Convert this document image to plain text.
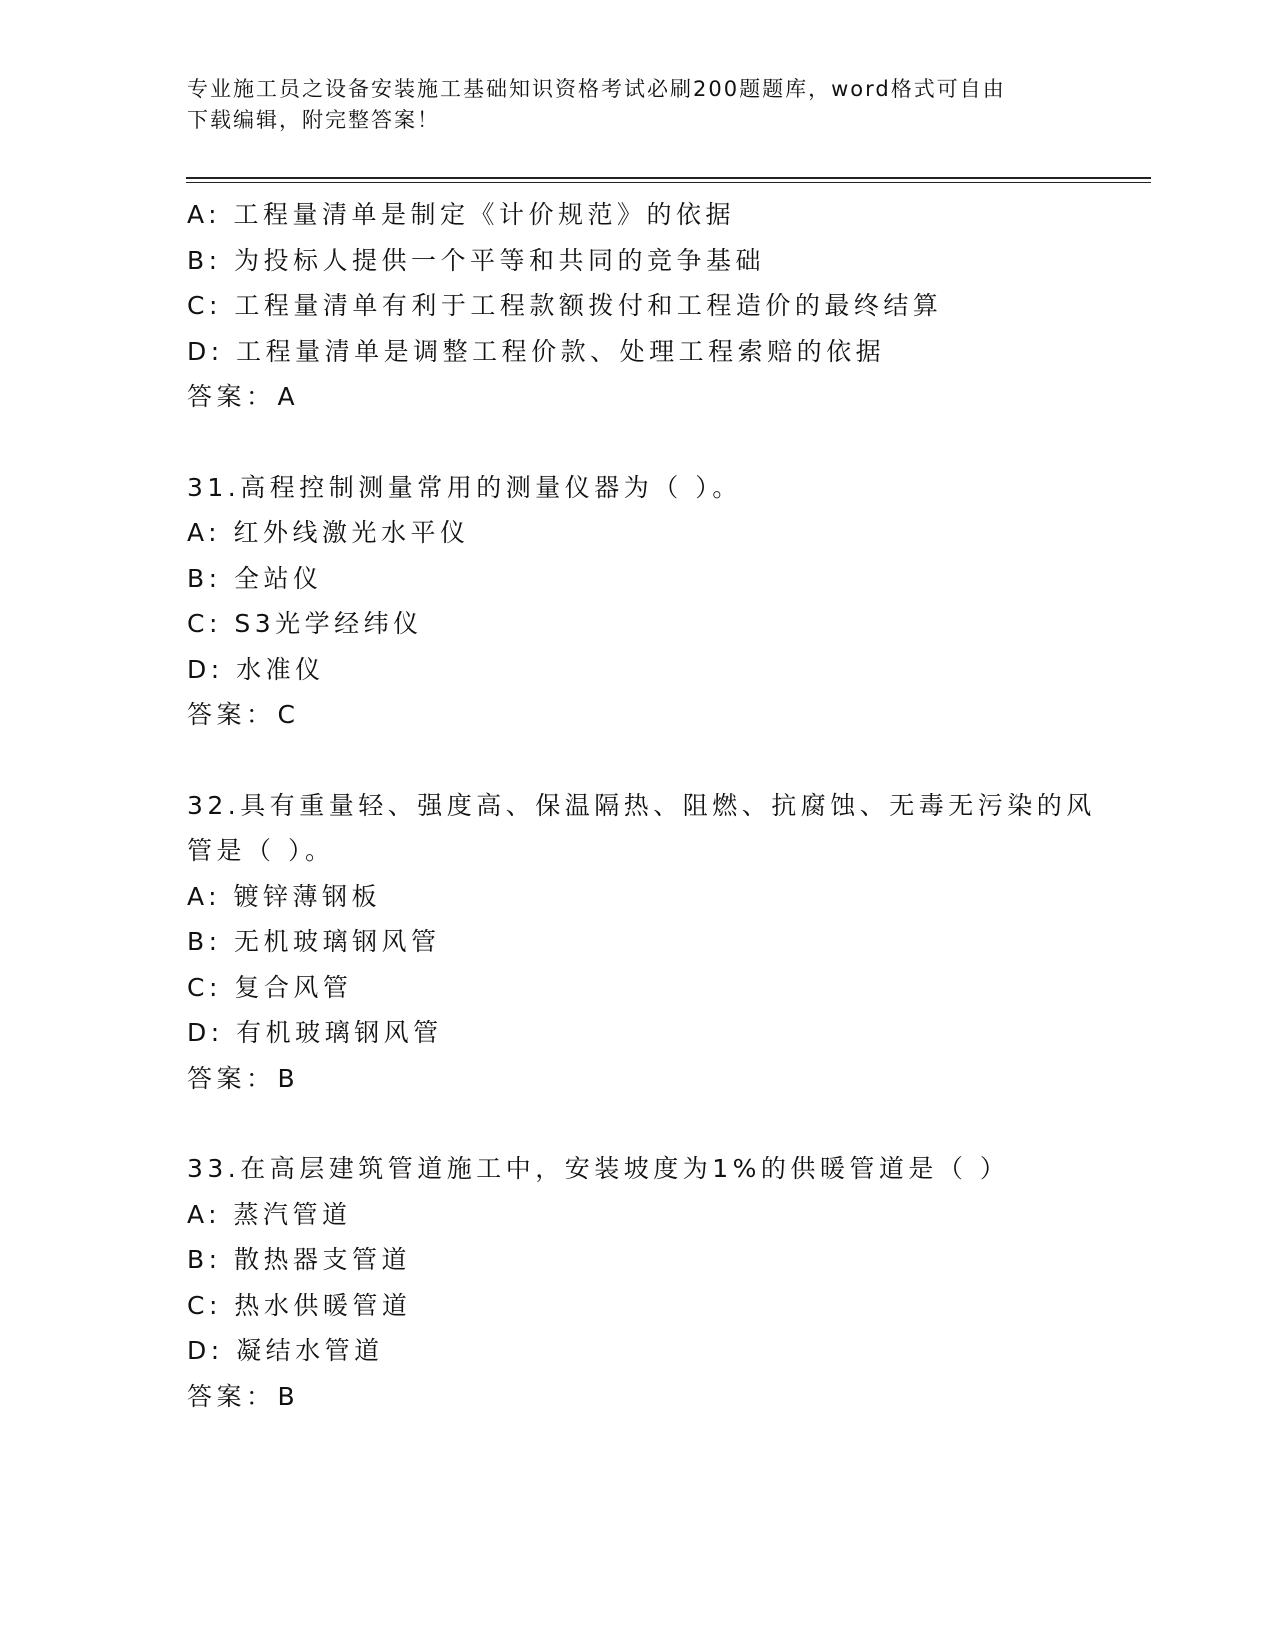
专业施工员之设备安装施工基础知识资格考试必刷200题题库，word格式可自由
下载编辑，附完整答案！
A: 工程量清单是制定《计价规范》的依据
B: 为投标人提供一个平等和共同的竞争基础
C: 工程量清单有利于工程款额拨付和工程造价的最终结算
D: 工程量清单是调整工程价款、处理工程索赔的依据
答案：A
31.高程控制测量常用的测量仪器为（ ）。
A: 红外线激光水平仪
B: 全站仪
C: S3光学经纬仪
D: 水准仪
答案：C
32.具有重量轻、强度高、保温隔热、阻燃、抗腐蚀、无毒无污染的风
管是（ ）。
A: 镀锌薄钢板
B: 无机玻璃钢风管
C: 复合风管
D: 有机玻璃钢风管
答案：B
33.在高层建筑管道施工中，安装坡度为1%的供暖管道是（ ）
A: 蒸汽管道
B: 散热器支管道
C: 热水供暖管道
D: 凝结水管道
答案：B
